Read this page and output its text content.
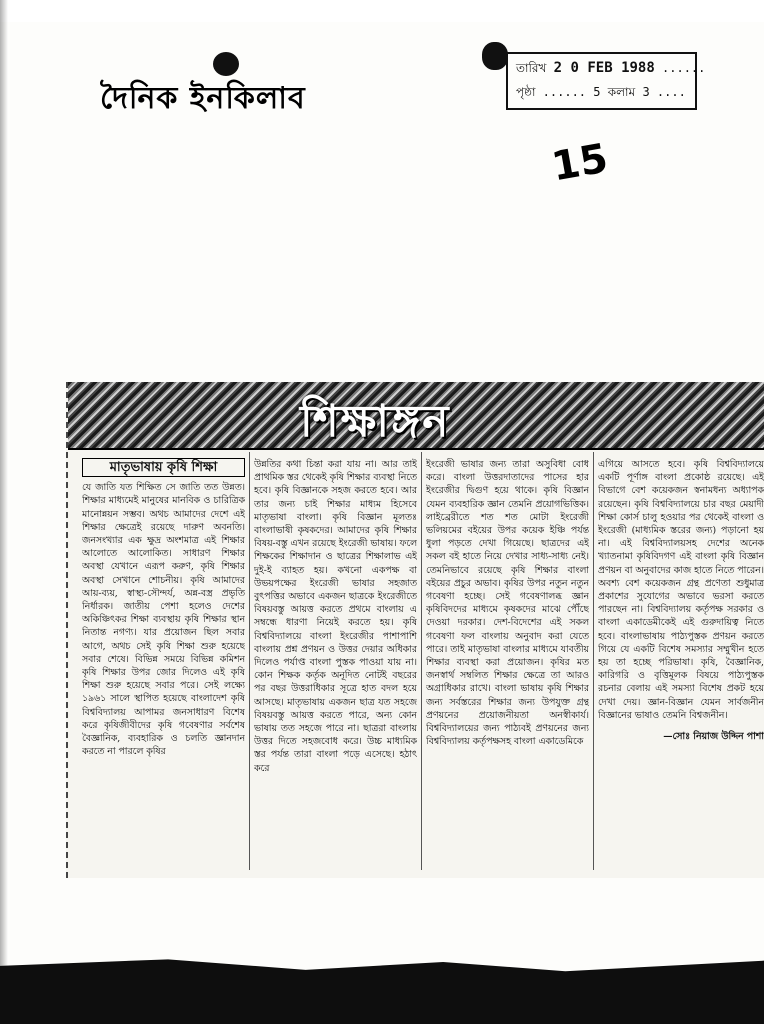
দৈনিক ইনকিলাব
তারিখ 2 0 FEB 1988 ......
পৃষ্ঠা ...... 5 কলাম 3 ....
15
শিক্ষাঙ্গন
মাতৃভাষায় কৃষি শিক্ষা
যে জাতি যত শিক্ষিত সে জাতি তত উন্নত। শিক্ষার মাধ্যমেই মানুষের মানবিক ও চারিত্রিক মানোন্নয়ন সম্ভব। অথচ আমাদের দেশে এই শিক্ষার ক্ষেত্রেই রয়েছে দারুণ অবনতি। জনসংখ্যার এক ক্ষুদ্র অংশমাত্র এই শিক্ষার আলোতে আলোকিত। সাধারণ শিক্ষার অবস্থা যেখানে এরূপ করুণ, কৃষি শিক্ষার অবস্থা সেখানে শোচনীয়। কৃষি আমাদের আয়-ব্যয়, স্বাস্থ্য-সৌন্দর্য, অন্ন-বস্ত্র প্রভৃতি নির্ধারক। জাতীয় পেশা হলেও দেশের অকিঞ্চিৎকর শিক্ষা ব্যবস্থায় কৃষি শিক্ষার স্থান নিতান্ত নগণ্য। যার প্রয়োজন ছিল সবার আগে, অথচ সেই কৃষি শিক্ষা শুরু হয়েছে সবার শেষে। বিভিন্ন সময়ে বিভিন্ন কমিশন কৃষি শিক্ষার উপর জোর দিলেও এই কৃষি শিক্ষা শুরু হয়েছে সবার পরে। সেই লক্ষ্যে ১৯৬১ সালে স্থাপিত হয়েছে বাংলাদেশ কৃষি বিশ্ববিদ্যালয় আপামর জনসাধারণ বিশেষ করে কৃষিজীবীদের কৃষি গবেষণার সর্বশেষ বৈজ্ঞানিক, ব্যবহারিক ও চলতি জ্ঞানদান করতে না পারলে কৃষির
উন্নতির কথা চিন্তা করা যায় না। আর তাই প্রাথমিক স্তর থেকেই কৃষি শিক্ষার ব্যবস্থা নিতে হবে। কৃষি বিজ্ঞানকে সহজ করতে হবে। আর তার জন্য চাই শিক্ষার মাধ্যম হিসেবে মাতৃভাষা বাংলা। কৃষি বিজ্ঞান মূলতঃ বাংলাভাষী কৃষকদের। আমাদের কৃষি শিক্ষার বিষয়-বস্তু এখন রয়েছে ইংরেজী ভাষায়। ফলে শিক্ষকের শিক্ষাদান ও ছাত্রের শিক্ষালাভ এই দুই-ই ব্যাহত হয়। কখনো একপক্ষ বা উভয়পক্ষের ইংরেজী ভাষার সহজাত বুৎপত্তির অভাবে একজন ছাত্রকে ইংরেজীতে বিষয়বস্তু আয়ত্ত করতে প্রথমে বাংলায় এ সম্বন্ধে ধারণা নিয়েই করতে হয়। কৃষি বিশ্ববিদ্যালয়ে বাংলা ইংরেজীর পাশাপাশি বাংলায় প্রশ্ন প্রণয়ন ও উত্তর দেয়ার অধিকার দিলেও পর্যাপ্ত বাংলা পুস্তক পাওয়া যায় না। কোন শিক্ষক কর্তৃক অনূদিত নোটই বছরের পর বছর উত্তরাধিকার সূত্রে হাত বদল হয়ে আসছে। মাতৃভাষায় একজন ছাত্র যত সহজে বিষয়বস্তু আয়ত্ত করতে পারে, অন্য কোন ভাষায় তত সহজে পারে না। ছাত্ররা বাংলায় উত্তর দিতে সহজবোধ করে। উচ্চ মাধ্যমিক স্তর পর্যন্ত তারা বাংলা পড়ে এসেছে। হঠাৎ করে
ইংরেজী ভাষার জন্য তারা অসুবিধা বোধ করে। বাংলা উত্তরদাতাদের পাসের হার ইংরেজীর দ্বিগুণ হয়ে থাকে। কৃষি বিজ্ঞান যেমন ব্যবহারিক জ্ঞান তেমনি প্রয়োগভিত্তিক। লাইব্রেরীতে শত শত মোটা ইংরেজী ভলিয়মের বইয়ের উপর কয়েক ইঞ্চি পর্যন্ত ধুলা পড়তে দেখা গিয়েছে। ছাত্রদের এই সকল বই হাতে নিয়ে দেখার সাধ্য-সাধ্য নেই। তেমনিভাবে রয়েছে কৃষি শিক্ষার বাংলা বইয়ের প্রচুর অভাব। কৃষির উপর নতুন নতুন গবেষণা হচ্ছে। সেই গবেষণালব্ধ জ্ঞান কৃষিবিদদের মাধ্যমে কৃষকদের মাঝে পৌঁছে দেওয়া দরকার। দেশ-বিদেশের এই সকল গবেষণা ফল বাংলায় অনুবাদ করা যেতে পারে। তাই মাতৃভাষা বাংলার মাধ্যমে যাবতীয় শিক্ষার ব্যবস্থা করা প্রয়োজন। কৃষির মত জনস্বার্থ সম্বলিত শিক্ষার ক্ষেত্রে তা আরও অগ্রাধিকার রাখে। বাংলা ভাষায় কৃষি শিক্ষার জন্য সর্বস্তরের শিক্ষার জন্য উপযুক্ত গ্রন্থ প্রণয়নের প্রয়োজনীয়তা অনস্বীকার্য। বিশ্ববিদ্যালয়ের জন্য পাঠ্যবই প্রণয়নের জন্য বিশ্ববিদ্যালয় কর্তৃপক্ষসহ বাংলা একাডেমিকে
এগিয়ে আসতে হবে। কৃষি বিশ্ববিদ্যালয়ে একটি পূর্ণাঙ্গ বাংলা প্রকোষ্ঠ রয়েছে। এই বিভাগে বেশ কয়েকজন স্বনামধন্য অধ্যাপক রয়েছেন। কৃষি বিশ্ববিদ্যালয়ে চার বছর মেয়াদী শিক্ষা কোর্স চালু হওয়ার পর থেকেই বাংলা ও ইংরেজী (মাধ্যমিক স্তরের জন্য) পড়ানো হয় না। এই বিশ্ববিদ্যালয়সহ দেশের অনেক খ্যাতনামা কৃষিবিদগণ এই বাংলা কৃষি বিজ্ঞান প্রণয়ন বা অনুবাদের কাজ হাতে নিতে পারেন। অবশ্য বেশ কয়েকজন গ্রন্থ প্রণেতা শুধুমাত্র প্রকাশের সুযোগের অভাবে ভরসা করতে পারছেন না। বিশ্ববিদ্যালয় কর্তৃপক্ষ সরকার ও বাংলা একাডেমীকেই এই গুরুদায়িত্ব নিতে হবে। বাংলাভাষায় পাঠ্যপুস্তক প্রণয়ন করতে গিয়ে যে একটি বিশেষ সমস্যার সম্মুখীন হতে হয় তা হচ্ছে পরিভাষা। কৃষি, বৈজ্ঞানিক, কারিগরি ও বৃত্তিমূলক বিষয়ে পাঠ্যপুস্তক রচনার বেলায় এই সমস্যা বিশেষ প্রকট হয়ে দেখা দেয়। জ্ঞান-বিজ্ঞান যেমন সার্বজনীন বিজ্ঞানের ভাষাও তেমনি বিশ্বজনীন।
—সোঃ নিয়াজ উদ্দিন পাশা
